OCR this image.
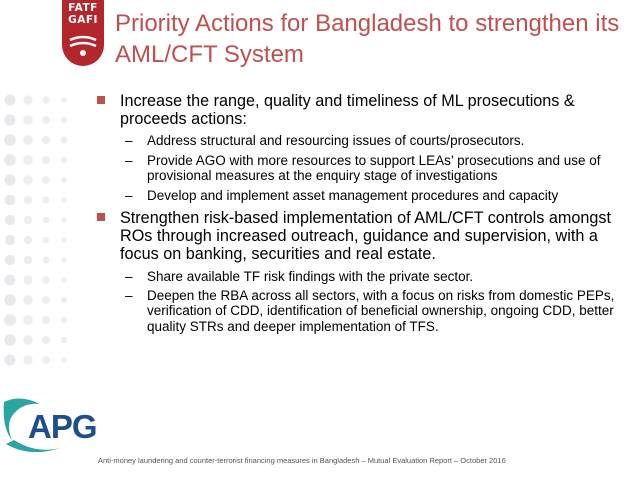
FATF
GAFI Priority Actions for Bangladesh to strengthen its AML/CFT System
Increase the range, quality and timeliness of ML prosecutions & proceeds actions:
– Address structural and resourcing issues of courts/prosecutors.
– Provide AGO with more resources to support LEAs’ prosecutions and use of provisional measures at the enquiry stage of investigations
– Develop and implement asset management procedures and capacity
Strengthen risk-based implementation of AML/CFT controls amongst ROs through increased outreach, guidance and supervision, with a focus on banking, securities and real estate.
– Share available TF risk findings with the private sector.
– Deepen the RBA across all sectors, with a focus on risks from domestic PEPs, verification of CDD, identification of beneficial ownership, ongoing CDD, better quality STRs and deeper implementation of TFS.
APG
Anti-money laundering and counter-terrorist financing measures in Bangladesh – Mutual Evaluation Report – October 2016
